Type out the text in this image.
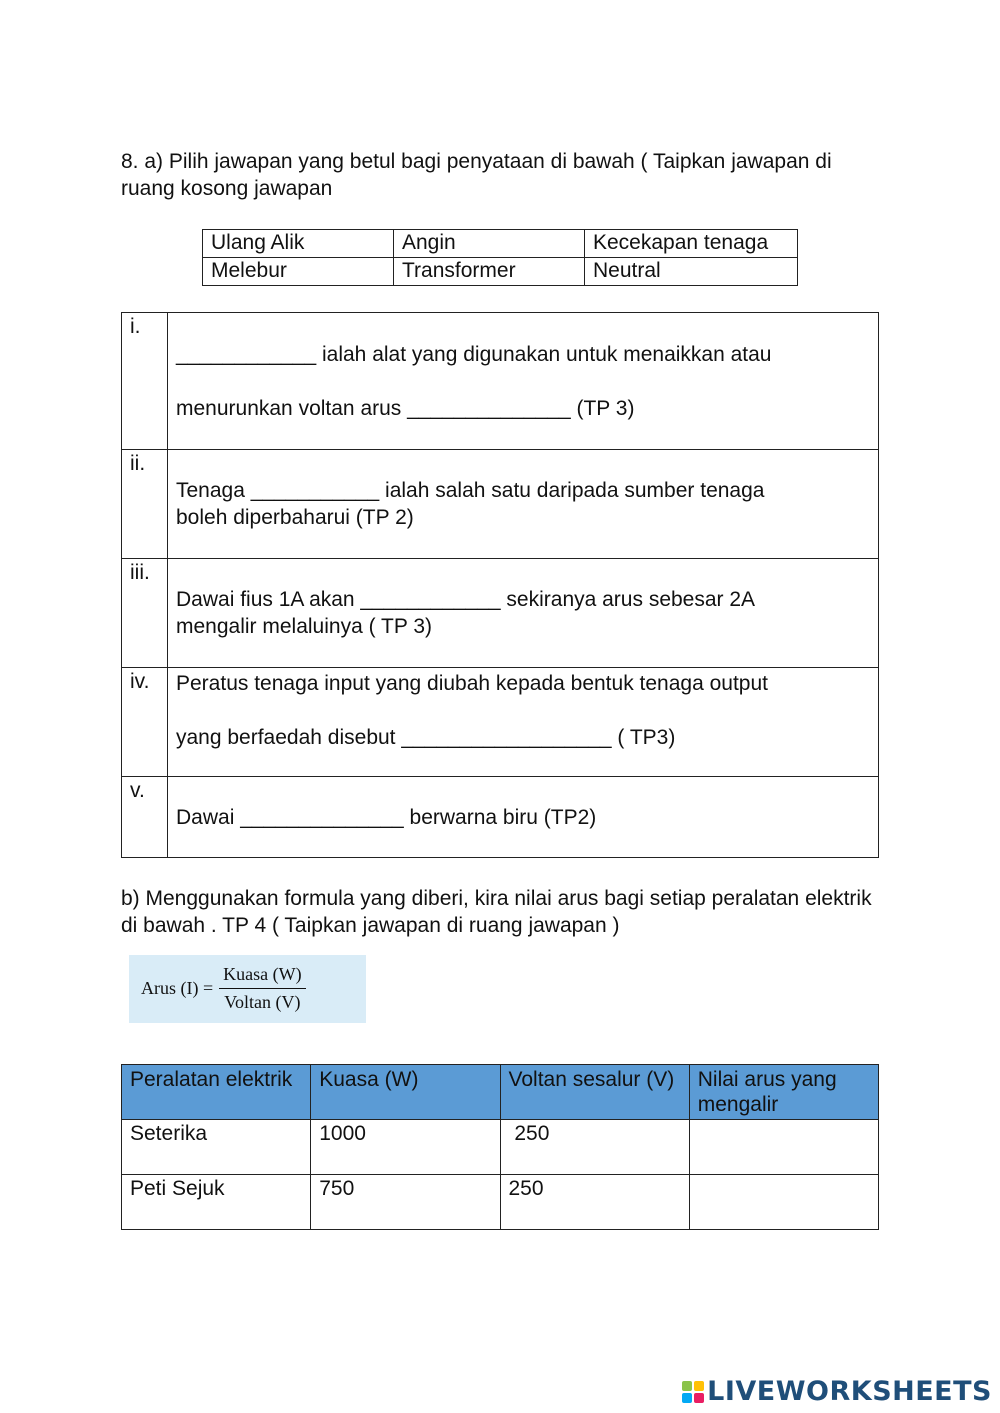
8. a) Pilih jawapan yang betul bagi penyataan di bawah ( Taipkan jawapan di ruang kosong jawapan
Ulang Alik	Angin	Kecekapan tenaga
Melebur	Transformer	Neutral
i.	____________ ialah alat yang digunakan untuk menaikkan atau
menurunkan voltan arus ______________ (TP 3)

ii.	Tenaga ___________ ialah salah satu daripada sumber tenaga
boleh diperbaharui (TP 2)

iii.	Dawai fius 1A akan ____________ sekiranya arus sebesar 2A
mengalir melaluinya ( TP 3)

iv.	Peratus tenaga input yang diubah kepada bentuk tenaga output
yang berfaedah disebut __________________ ( TP3)

v.	Dawai ______________ berwarna biru (TP2)
b) Menggunakan formula yang diberi, kira nilai arus bagi setiap peralatan elektrik di bawah . TP 4 ( Taipkan jawapan di ruang jawapan )
Arus $(I) = \frac{\text{Kuasa (W)}}{\text{Voltan (V)}}$
Peralatan elektrik	Kuasa (W)	Voltan sesalur (V)	Nilai arus yang mengalir
Seterika	1000	250	
Peti Sejuk	750	250	
LIVEWORKSHEETS
